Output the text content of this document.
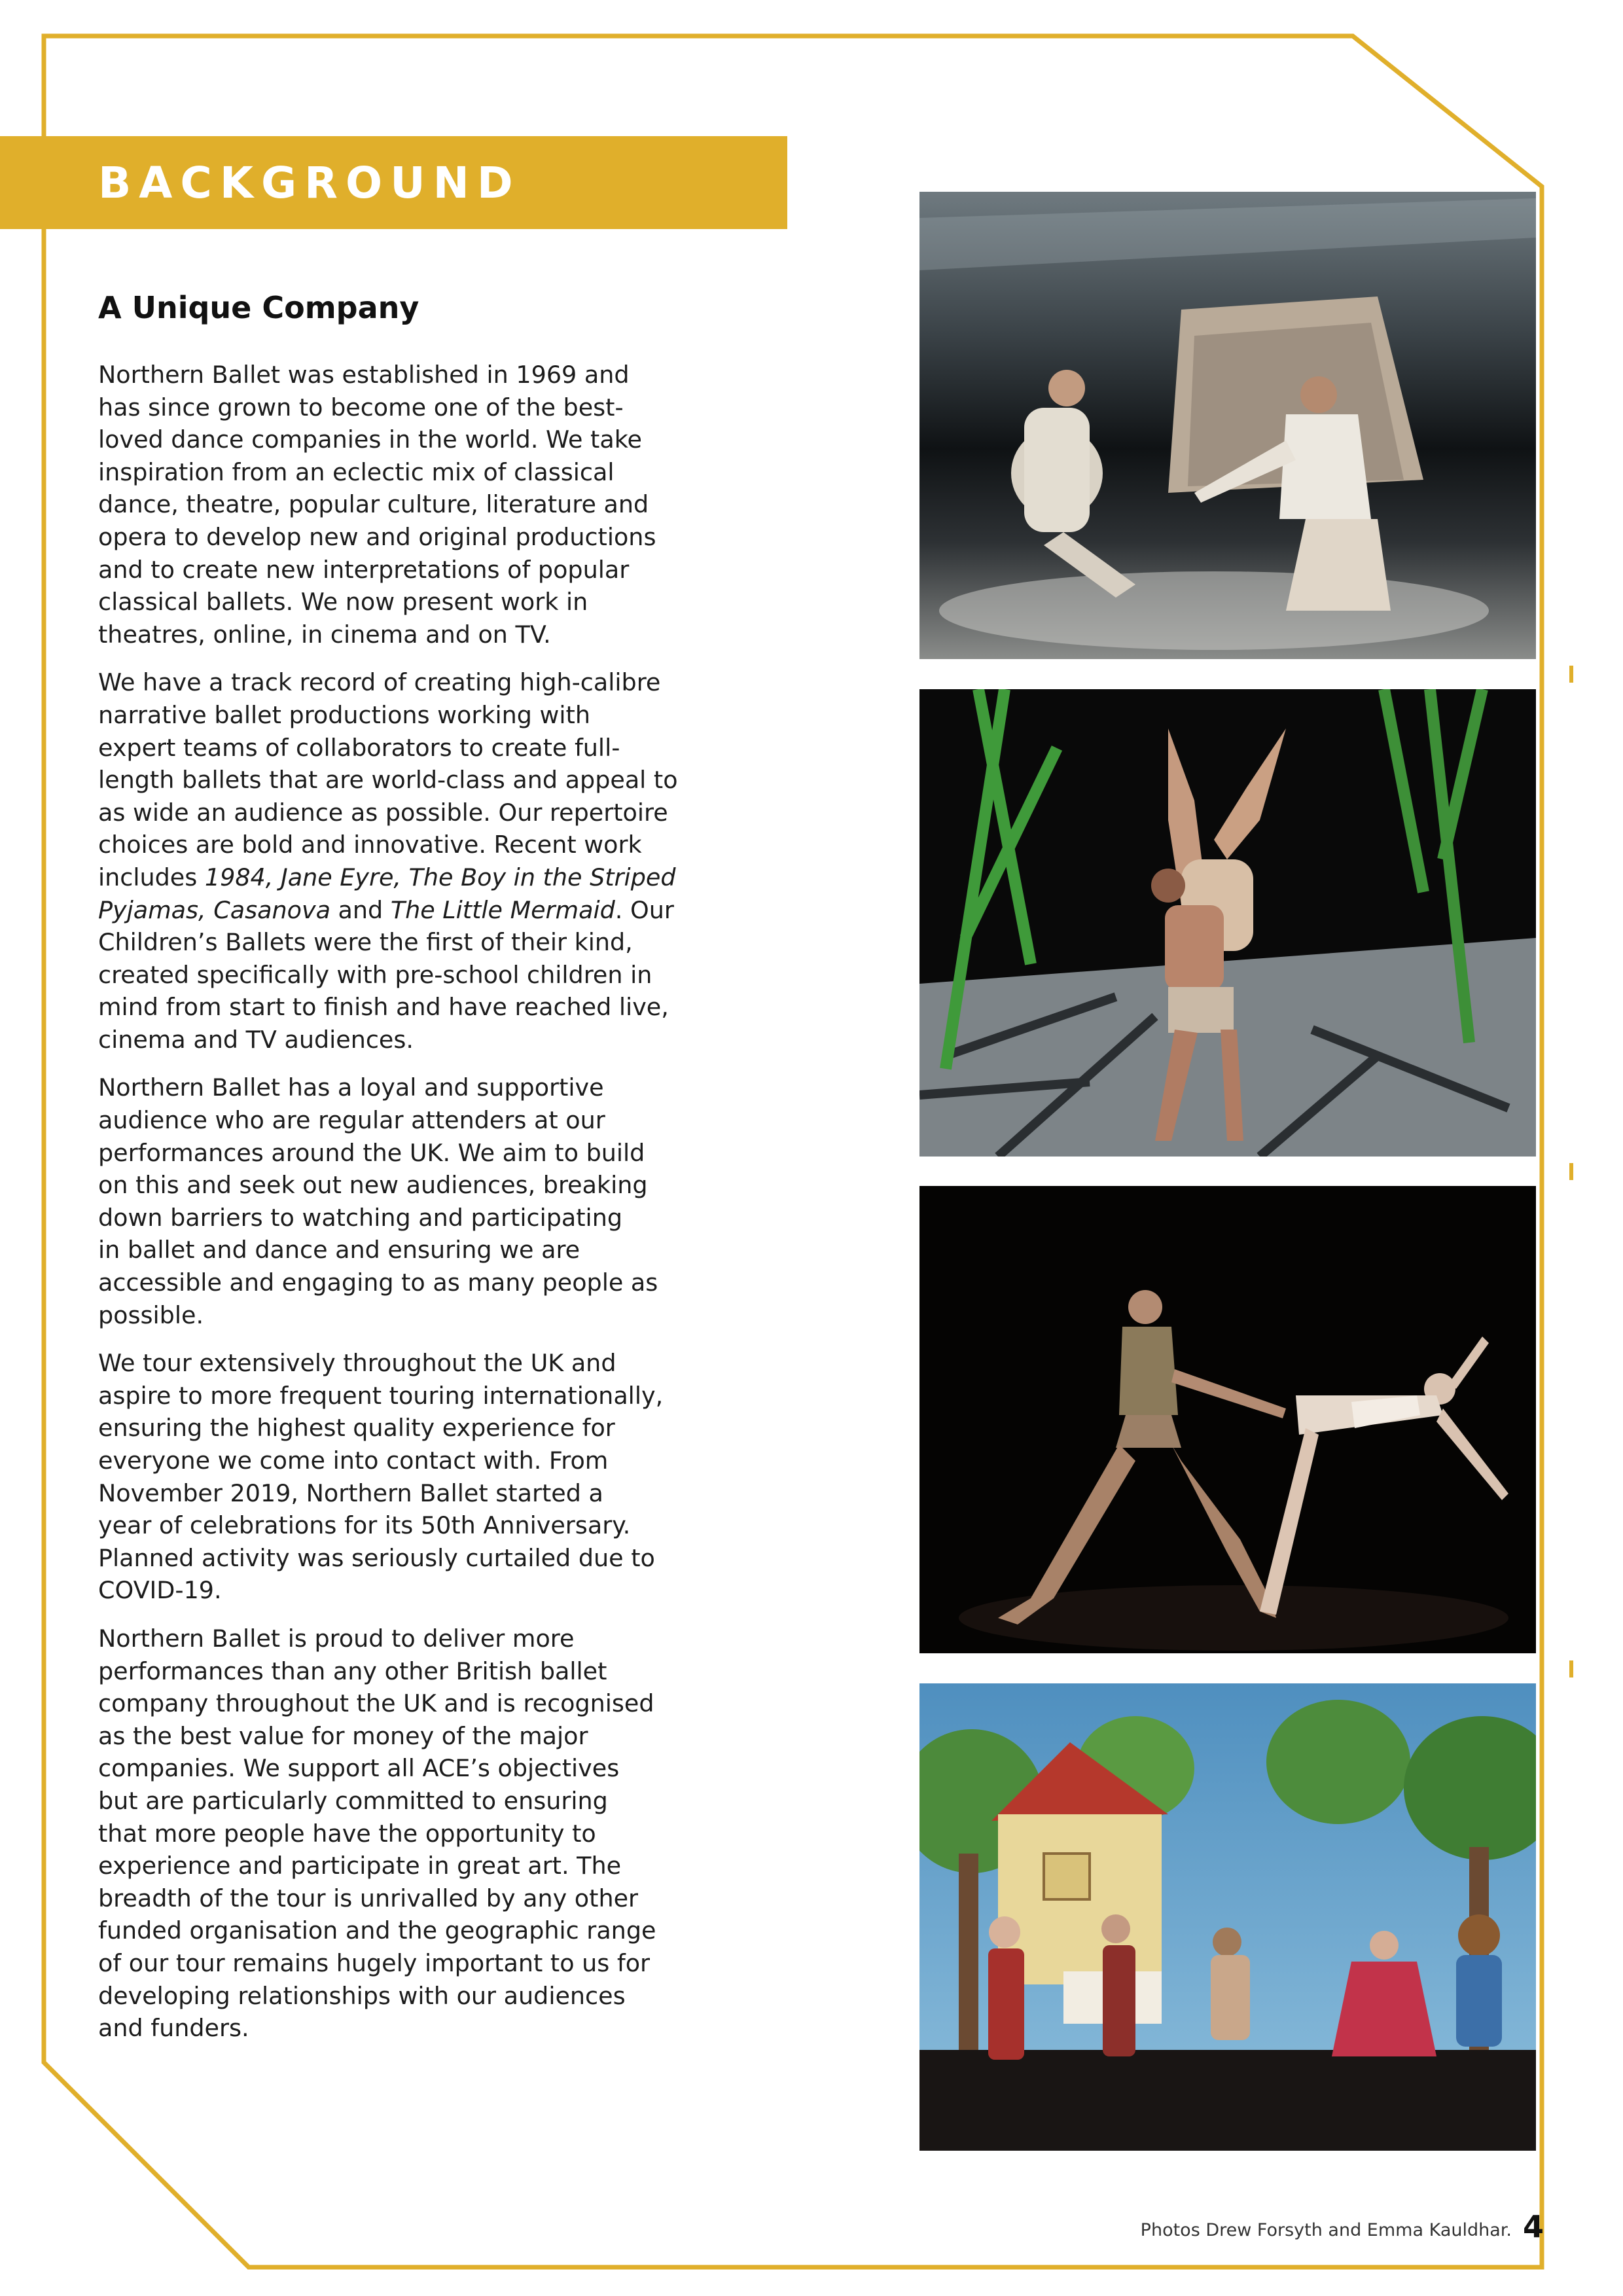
BACKGROUND
A Unique Company

Northern Ballet was established in 1969 and
has since grown to become one of the best-
loved dance companies in the world. We take
inspiration from an eclectic mix of classical
dance, theatre, popular culture, literature and
opera to develop new and original productions
and to create new interpretations of popular
classical ballets. We now present work in
theatres, online, in cinema and on TV.

We have a track record of creating high-calibre
narrative ballet productions working with
expert teams of collaborators to create full-
length ballets that are world-class and appeal to
as wide an audience as possible. Our repertoire
choices are bold and innovative. Recent work
includes 1984, Jane Eyre, The Boy in the Striped
Pyjamas, Casanova and The Little Mermaid. Our
Children’s Ballets were the first of their kind,
created specifically with pre-school children in
mind from start to finish and have reached live,
cinema and TV audiences.

Northern Ballet has a loyal and supportive
audience who are regular attenders at our
performances around the UK. We aim to build
on this and seek out new audiences, breaking
down barriers to watching and participating
in ballet and dance and ensuring we are
accessible and engaging to as many people as
possible.

We tour extensively throughout the UK and
aspire to more frequent touring internationally,
ensuring the highest quality experience for
everyone we come into contact with. From
November 2019, Northern Ballet started a
year of celebrations for its 50th Anniversary.
Planned activity was seriously curtailed due to
COVID-19.

Northern Ballet is proud to deliver more
performances than any other British ballet
company throughout the UK and is recognised
as the best value for money of the major
companies. We support all ACE’s objectives
but are particularly committed to ensuring
that more people have the opportunity to
experience and participate in great art. The
breadth of the tour is unrivalled by any other
funded organisation and the geographic range
of our tour remains hugely important to us for
developing relationships with our audiences
and funders.

Photos Drew Forsyth and Emma Kauldhar. 4
